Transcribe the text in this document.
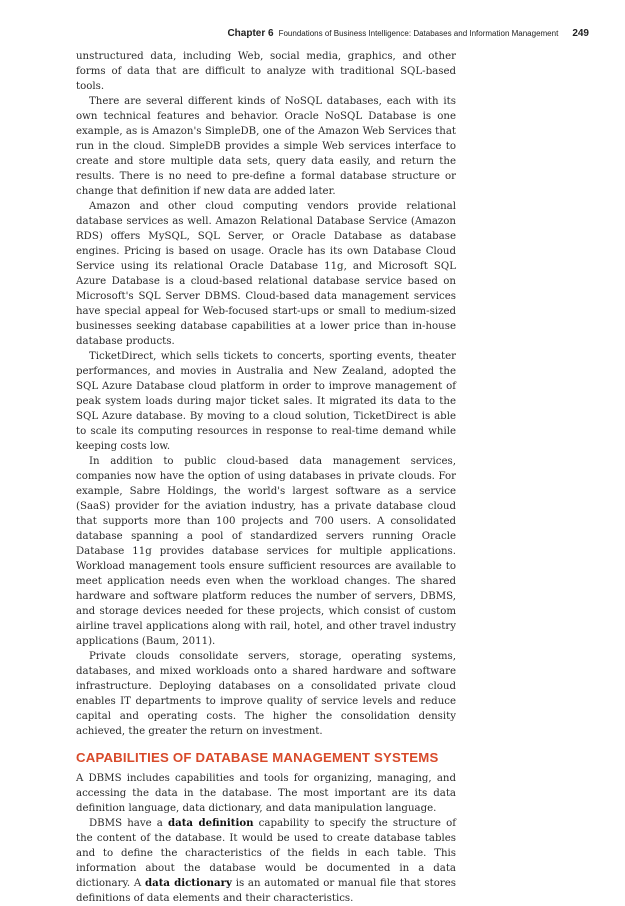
Chapter 6 Foundations of Business Intelligence: Databases and Information Management 249

unstructured data, including Web, social media, graphics, and other forms of data that are difficult to analyze with traditional SQL-based tools.

There are several different kinds of NoSQL databases, each with its own technical features and behavior. Oracle NoSQL Database is one example, as is Amazon's SimpleDB, one of the Amazon Web Services that run in the cloud. SimpleDB provides a simple Web services interface to create and store multiple data sets, query data easily, and return the results. There is no need to pre-define a formal database structure or change that definition if new data are added later.

Amazon and other cloud computing vendors provide relational database services as well. Amazon Relational Database Service (Amazon RDS) offers MySQL, SQL Server, or Oracle Database as database engines. Pricing is based on usage. Oracle has its own Database Cloud Service using its relational Oracle Database 11g, and Microsoft SQL Azure Database is a cloud-based relational database service based on Microsoft's SQL Server DBMS. Cloud-based data management services have special appeal for Web-focused start-ups or small to medium-sized businesses seeking database capabilities at a lower price than in-house database products.

TicketDirect, which sells tickets to concerts, sporting events, theater performances, and movies in Australia and New Zealand, adopted the SQL Azure Database cloud platform in order to improve management of peak system loads during major ticket sales. It migrated its data to the SQL Azure database. By moving to a cloud solution, TicketDirect is able to scale its computing resources in response to real-time demand while keeping costs low.

In addition to public cloud-based data management services, companies now have the option of using databases in private clouds. For example, Sabre Holdings, the world's largest software as a service (SaaS) provider for the aviation industry, has a private database cloud that supports more than 100 projects and 700 users. A consolidated database spanning a pool of standardized servers running Oracle Database 11g provides database services for multiple applications. Workload management tools ensure sufficient resources are available to meet application needs even when the workload changes. The shared hardware and software platform reduces the number of servers, DBMS, and storage devices needed for these projects, which consist of custom airline travel applications along with rail, hotel, and other travel industry applications (Baum, 2011).

Private clouds consolidate servers, storage, operating systems, databases, and mixed workloads onto a shared hardware and software infrastructure. Deploying databases on a consolidated private cloud enables IT departments to improve quality of service levels and reduce capital and operating costs. The higher the consolidation density achieved, the greater the return on investment.

CAPABILITIES OF DATABASE MANAGEMENT SYSTEMS

A DBMS includes capabilities and tools for organizing, managing, and accessing the data in the database. The most important are its data definition language, data dictionary, and data manipulation language.

DBMS have a data definition capability to specify the structure of the content of the database. It would be used to create database tables and to define the characteristics of the fields in each table. This information about the database would be documented in a data dictionary. A data dictionary is an automated or manual file that stores definitions of data elements and their characteristics.
